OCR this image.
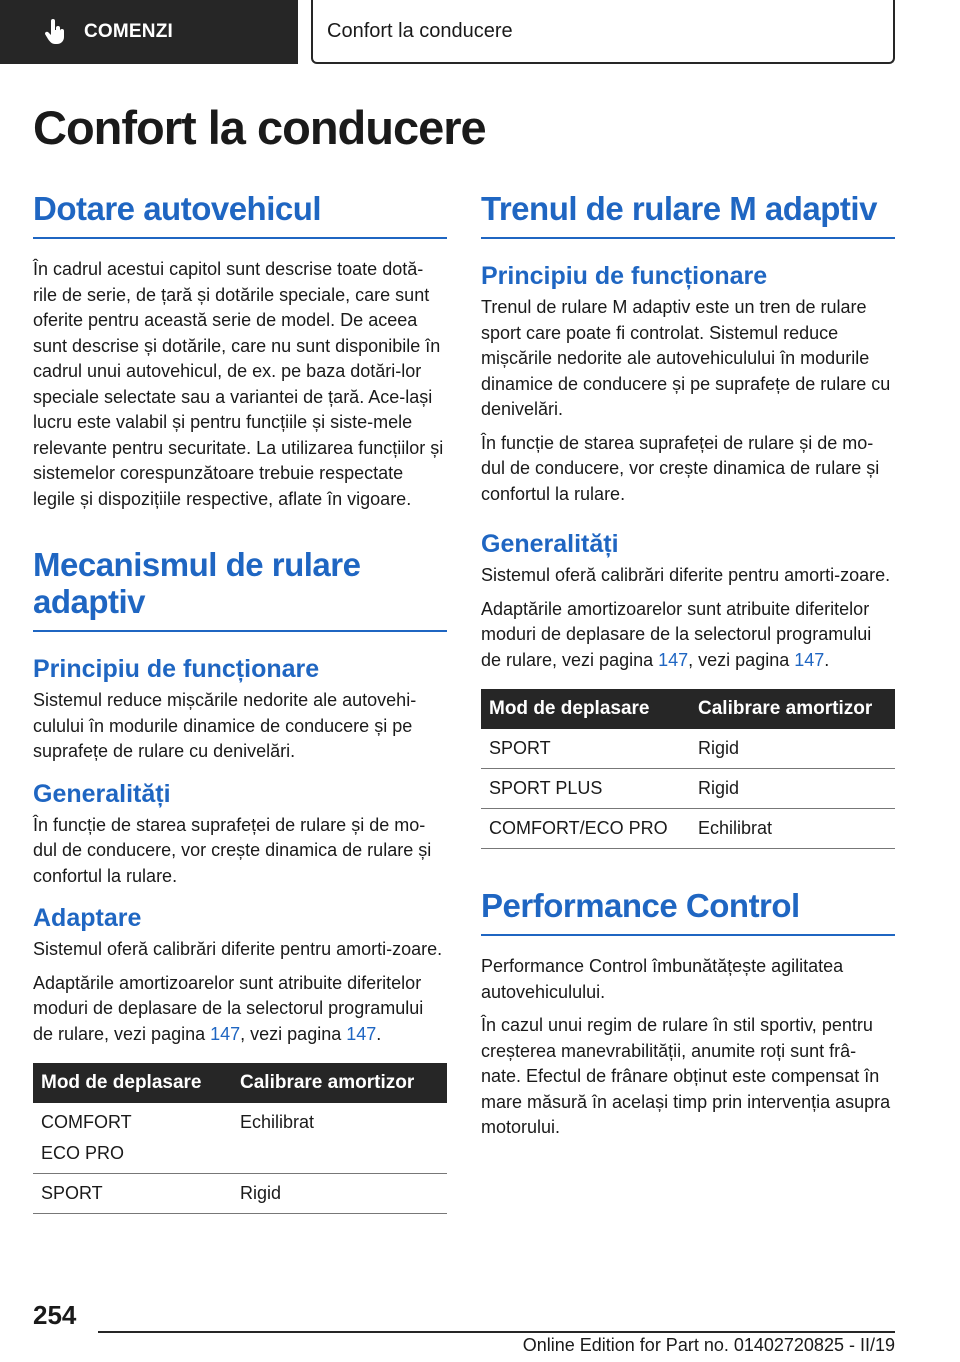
COMENZI	Confort la conducere
Confort la conducere
Dotare autovehicul

În cadrul acestui capitol sunt descrise toate dotă-rile de serie, de țară și dotările speciale, care sunt oferite pentru această serie de model. De aceea sunt descrise și dotările, care nu sunt disponibile în cadrul unui autovehicul, de ex. pe baza dotări-lor speciale selectate sau a variantei de țară. Ace-lași lucru este valabil și pentru funcțiile și siste-mele relevante pentru securitate. La utilizarea funcțiilor și sistemelor corespunzătoare trebuie respectate legile și dispozițiile respective, aflate în vigoare.

Mecanismul de rulare adaptiv
Principiu de funcționare

Sistemul reduce mișcările nedorite ale autovehi-culului în modurile dinamice de conducere și pe suprafețe de rulare cu denivelări.

Generalități

În funcție de starea suprafeței de rulare și de mo-dul de conducere, vor crește dinamica de rulare și confortul la rulare.

Adaptare

Sistemul oferă calibrări diferite pentru amorti-zoare.

Adaptările amortizoarelor sunt atribuite diferitelor moduri de deplasare de la selectorul programului de rulare, vezi pagina 147, vezi pagina 147.

Mod de deplasare	Calibrare amortizor

COMFORT
ECO PRO	Echilibrat
SPORT	Rigid
Trenul de rulare M adaptiv
Principiu de funcționare

Trenul de rulare M adaptiv este un tren de rulare sport care poate fi controlat. Sistemul reduce mișcările nedorite ale autovehiculului în modurile dinamice de conducere și pe suprafețe de rulare cu denivelări.

În funcție de starea suprafeței de rulare și de mo-dul de conducere, vor crește dinamica de rulare și confortul la rulare.

Generalități

Sistemul oferă calibrări diferite pentru amorti-zoare.

Adaptările amortizoarelor sunt atribuite diferitelor moduri de deplasare de la selectorul programului de rulare, vezi pagina 147, vezi pagina 147.

Mod de deplasare	Calibrare amortizor
SPORT	Rigid
SPORT PLUS	Rigid
COMFORT/ECO PRO	Echilibrat
Performance Control

Performance Control îmbunătățește agilitatea autovehiculului.

În cazul unui regim de rulare în stil sportiv, pentru creșterea manevrabilității, anumite roți sunt frâ-nate. Efectul de frânare obținut este compensat în mare măsură în același timp prin intervenția asupra motorului.

254
Online Edition for Part no. 01402720825 - II/19
